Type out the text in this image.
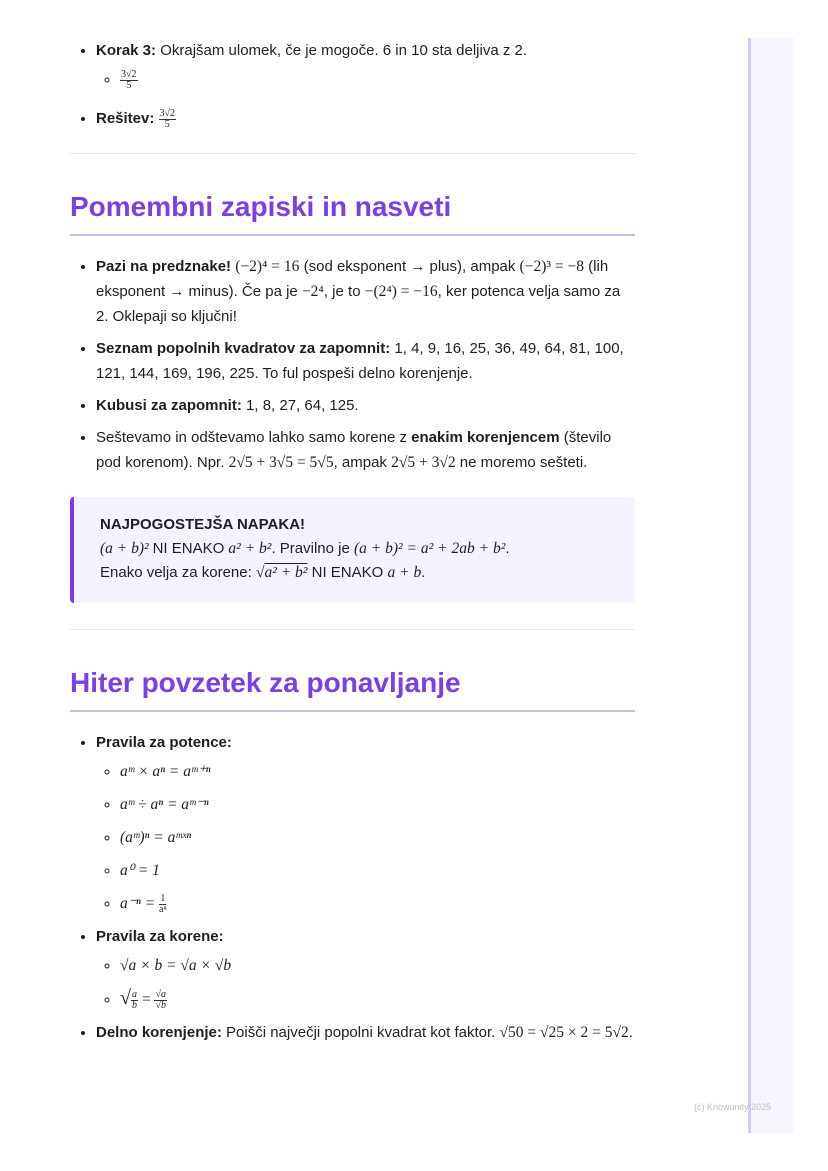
• Korak 3: Okrajšam ulomek, če je mogoče. 6 in 10 sta deljiva z 2.
◦ $\frac{3√2}{5}$
• Rešitev: $\frac{3√2}{5}$
Pomembni zapiski in nasveti
• Pazi na predznake! (−2)⁴ = 16 (sod eksponent → plus), ampak (−2)³ = −8 (lih eksponent → minus). Če pa je −2⁴, je to −(2⁴) = −16, ker potenca velja samo za 2. Oklepaji so ključni!
• Seznam popolnih kvadratov za zapomnit: 1, 4, 9, 16, 25, 36, 49, 64, 81, 100, 121, 144, 169, 196, 225. To ful pospeši delno korenjenje.
• Kubusi za zapomnit: 1, 8, 27, 64, 125.
• Seštevamo in odštevamo lahko samo korene z enakim korenjencem (število pod korenom). Npr. 2√5 + 3√5 = 5√5, ampak 2√5 + 3√2 ne moremo sešteti.
NAJPOGOSTEJŠA NAPAKA!
(a + b)² NI ENAKO a² + b². Pravilno je (a + b)² = a² + 2ab + b².
Enako velja za korene: √a² + b² NI ENAKO a + b.
Hiter povzetek za ponavljanje
• Pravila za potence:
◦ aᵐ × aⁿ = aᵐ⁺ⁿ
◦ aᵐ ÷ aⁿ = aᵐ⁻ⁿ
◦ (aᵐ)ⁿ = aᵐˣⁿ
◦ a⁰ = 1
◦ $a^{-n} = \frac{1}{\text{aⁿ}}$
• Pravila za korene:
◦ √a × b = √a × √b
◦ √ $\frac{a}{b} = \frac{√a}{√b}$
• Delno korenjenje: Poišči največji popolni kvadrat kot faktor. √50 = √25 × 2 = 5√2.
(c) Knowunity 2025
